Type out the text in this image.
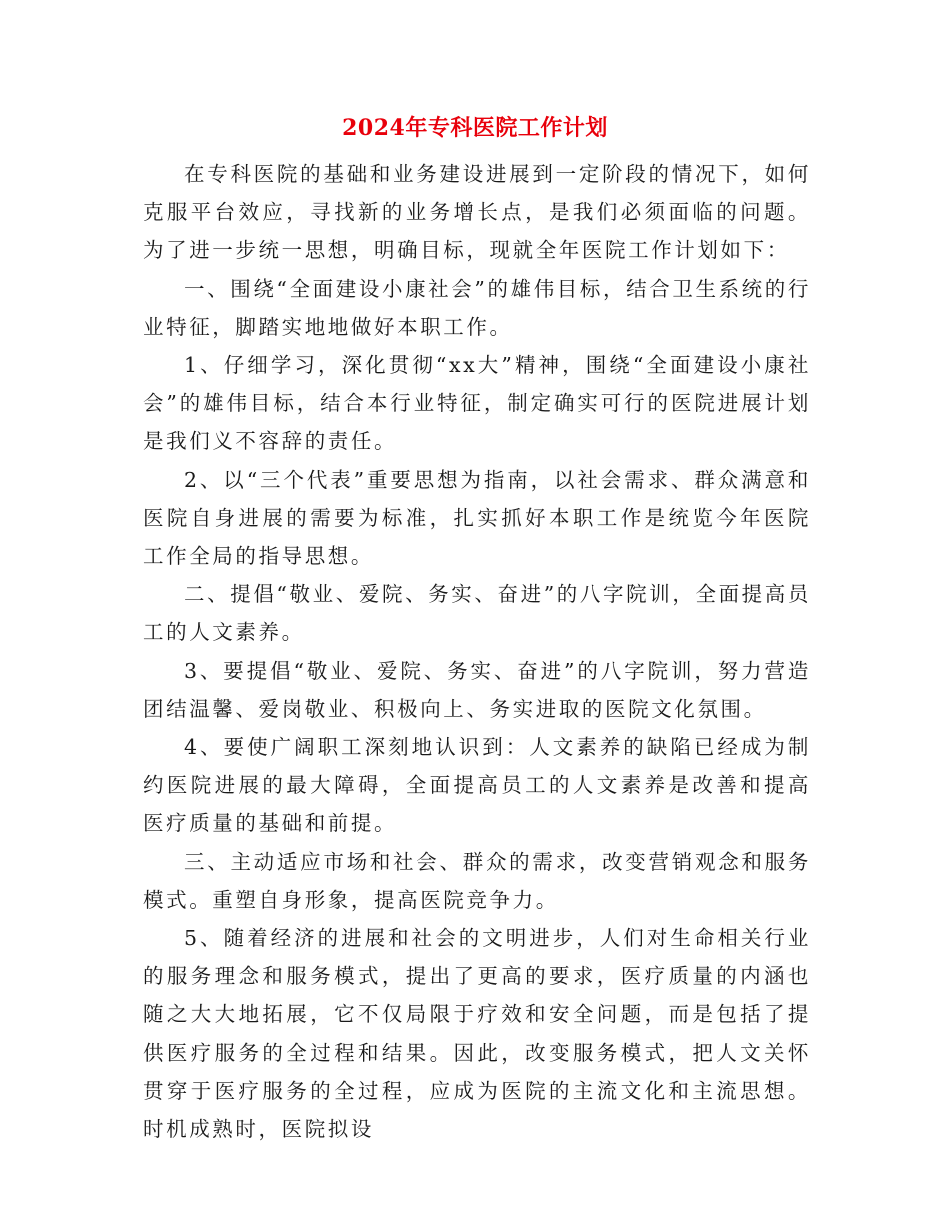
2024年专科医院工作计划

在专科医院的基础和业务建设进展到一定阶段的情况下，如何克服平台效应，寻找新的业务增长点，是我们必须面临的问题。为了进一步统一思想，明确目标，现就全年医院工作计划如下：

一、围绕“全面建设小康社会”的雄伟目标，结合卫生系统的行业特征，脚踏实地地做好本职工作。

1、仔细学习，深化贯彻“xx大”精神，围绕“全面建设小康社会”的雄伟目标，结合本行业特征，制定确实可行的医院进展计划是我们义不容辞的责任。

2、以“三个代表”重要思想为指南，以社会需求、群众满意和医院自身进展的需要为标准，扎实抓好本职工作是统览今年医院工作全局的指导思想。

二、提倡“敬业、爱院、务实、奋进”的八字院训，全面提高员工的人文素养。

3、要提倡“敬业、爱院、务实、奋进”的八字院训，努力营造团结温馨、爱岗敬业、积极向上、务实进取的医院文化氛围。

4、要使广阔职工深刻地认识到：人文素养的缺陷已经成为制约医院进展的最大障碍，全面提高员工的人文素养是改善和提高医疗质量的基础和前提。

三、主动适应市场和社会、群众的需求，改变营销观念和服务模式。重塑自身形象，提高医院竞争力。

5、随着经济的进展和社会的文明进步，人们对生命相关行业的服务理念和服务模式，提出了更高的要求，医疗质量的内涵也随之大大地拓展，它不仅局限于疗效和安全问题，而是包括了提供医疗服务的全过程和结果。因此，改变服务模式，把人文关怀贯穿于医疗服务的全过程，应成为医院的主流文化和主流思想。时机成熟时，医院拟设
